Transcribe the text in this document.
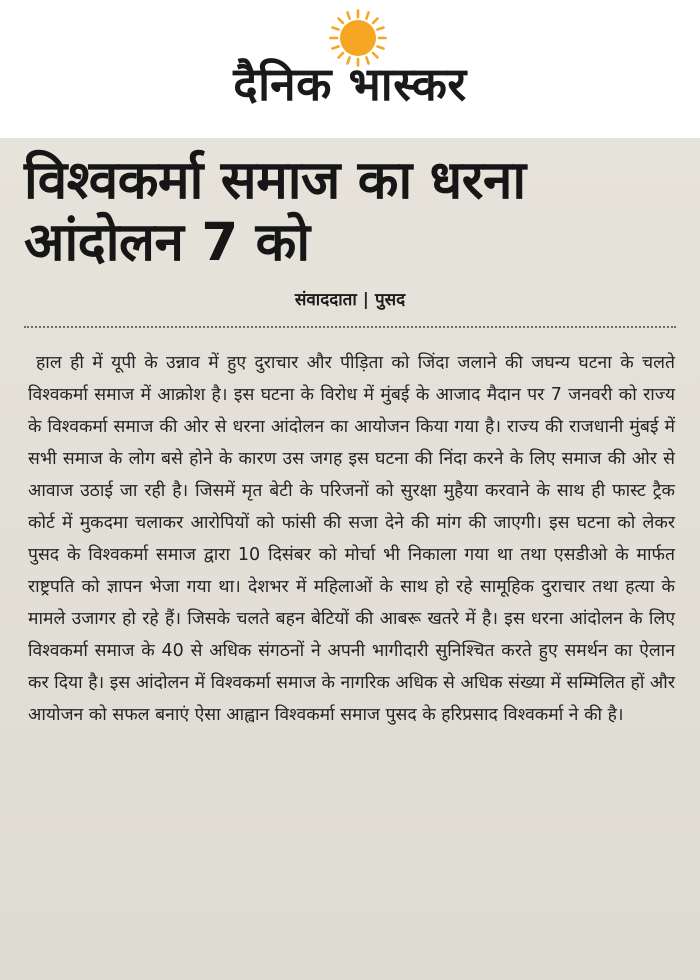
दैनिक भास्कर
विश्वकर्मा समाज का धरना
आंदोलन 7 को
संवाददाता | पुसद

हाल ही में यूपी के उन्नाव में हुए दुराचार और पीड़िता को जिंदा जलाने की जघन्य घटना के चलते विश्वकर्मा समाज में आक्रोश है। इस घटना के विरोध में मुंबई के आजाद मैदान पर 7 जनवरी को राज्य के विश्वकर्मा समाज की ओर से धरना आंदोलन का आयोजन किया गया है। राज्य की राजधानी मुंबई में सभी समाज के लोग बसे होने के कारण उस जगह इस घटना की निंदा करने के लिए समाज की ओर से आवाज उठाई जा रही है। जिसमें मृत बेटी के परिजनों को सुरक्षा मुहैया करवाने के साथ ही फास्ट ट्रैक कोर्ट में मुकदमा चलाकर आरोपियों को फांसी की सजा देने की मांग की जाएगी। इस घटना को लेकर पुसद के विश्वकर्मा समाज द्वारा 10 दिसंबर को मोर्चा भी निकाला गया था तथा एसडीओ के मार्फत राष्ट्रपति को ज्ञापन भेजा गया था। देशभर में महिलाओं के साथ हो रहे सामूहिक दुराचार तथा हत्या के मामले उजागर हो रहे हैं। जिसके चलते बहन बेटियों की आबरू खतरे में है। इस धरना आंदोलन के लिए विश्वकर्मा समाज के 40 से अधिक संगठनों ने अपनी भागीदारी सुनिश्चित करते हुए समर्थन का ऐलान कर दिया है। इस आंदोलन में विश्वकर्मा समाज के नागरिक अधिक से अधिक संख्या में सम्मिलित हों और आयोजन को सफल बनाएं ऐसा आह्वान विश्वकर्मा समाज पुसद के हरिप्रसाद विश्वकर्मा ने की है।
